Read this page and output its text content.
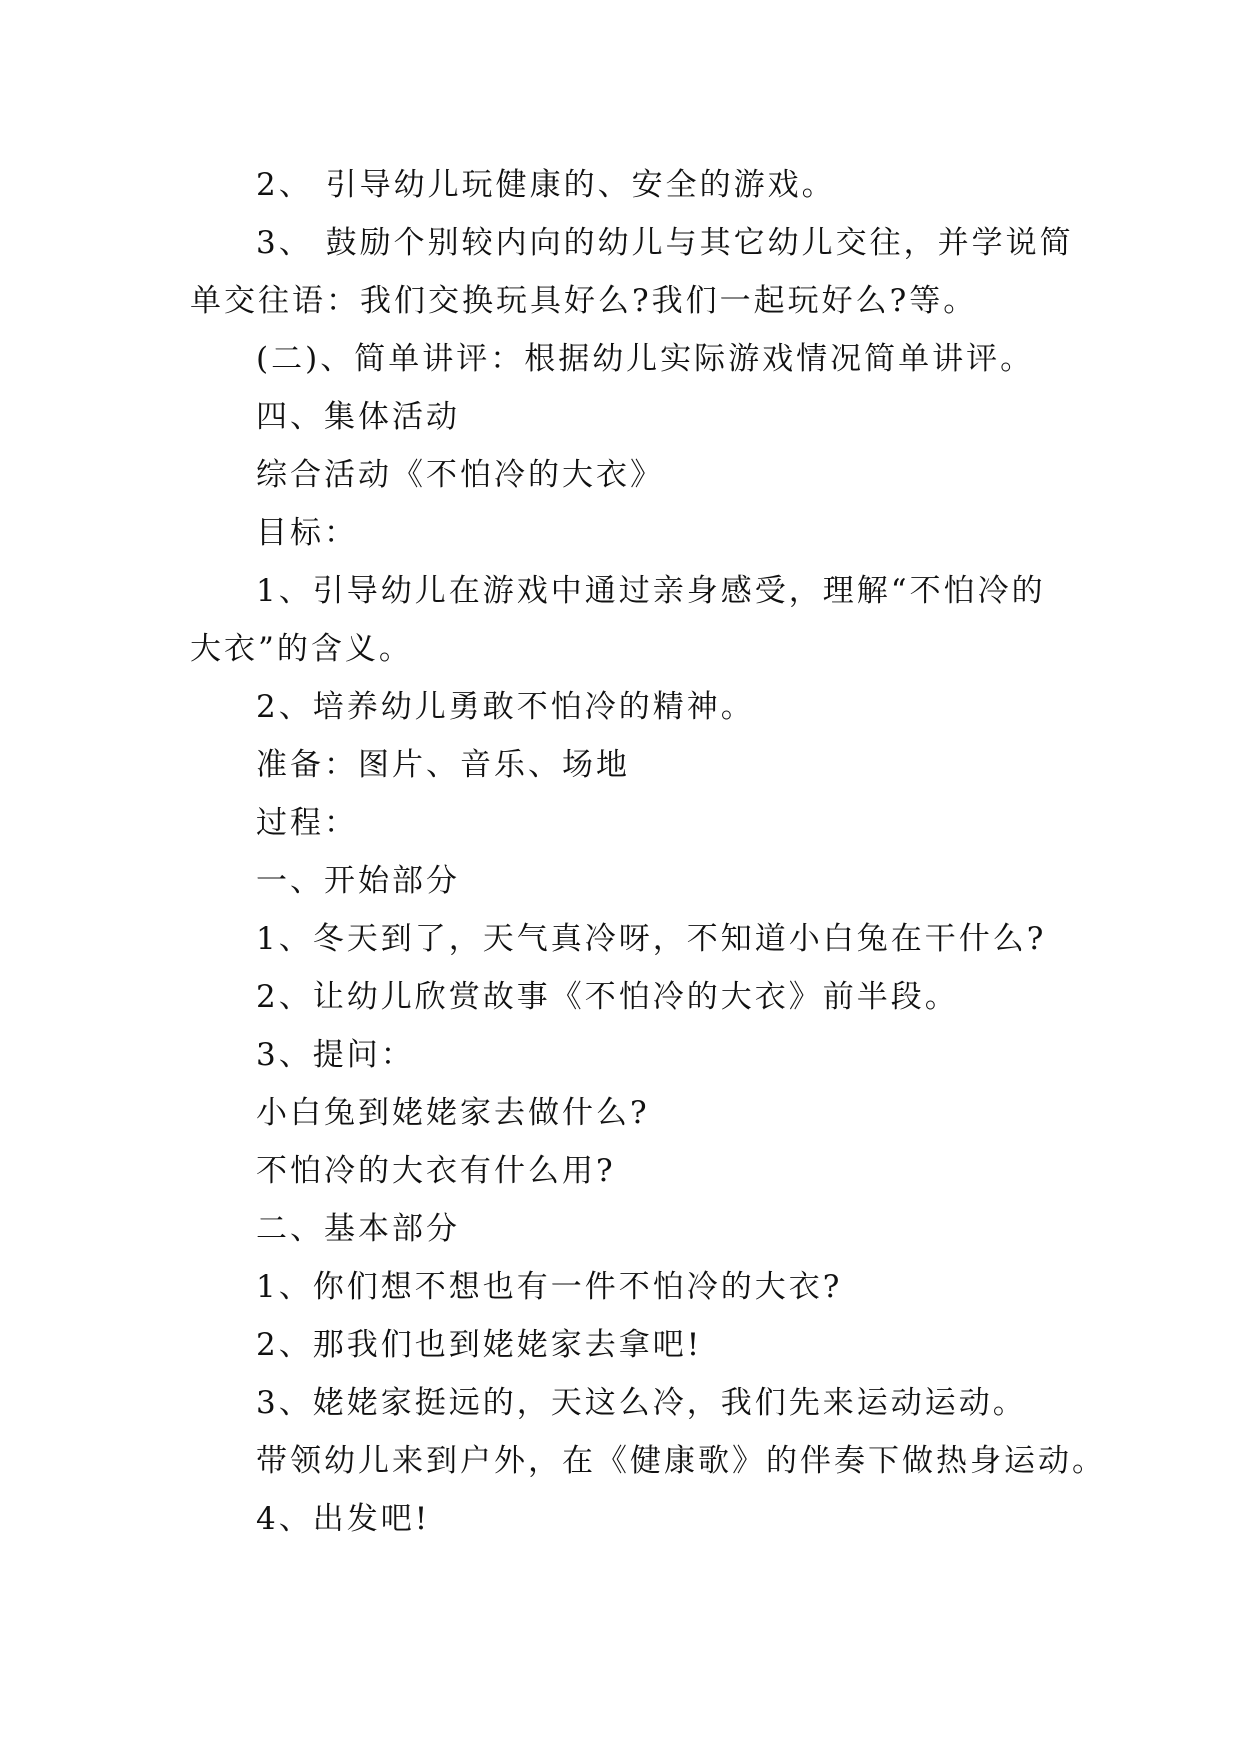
2、 引导幼儿玩健康的、安全的游戏。
3、 鼓励个别较内向的幼儿与其它幼儿交往，并学说简
单交往语：我们交换玩具好么?我们一起玩好么?等。
(二)、简单讲评：根据幼儿实际游戏情况简单讲评。
四、集体活动
综合活动《不怕冷的大衣》
目标：
1、引导幼儿在游戏中通过亲身感受，理解“不怕冷的
大衣”的含义。
2、培养幼儿勇敢不怕冷的精神。
准备：图片、音乐、场地
过程：
一、开始部分
1、冬天到了，天气真冷呀，不知道小白兔在干什么?
2、让幼儿欣赏故事《不怕冷的大衣》前半段。
3、提问：
小白兔到姥姥家去做什么?
不怕冷的大衣有什么用?
二、基本部分
1、你们想不想也有一件不怕冷的大衣?
2、那我们也到姥姥家去拿吧!
3、姥姥家挺远的，天这么冷，我们先来运动运动。
带领幼儿来到户外，在《健康歌》的伴奏下做热身运动。
4、出发吧!
